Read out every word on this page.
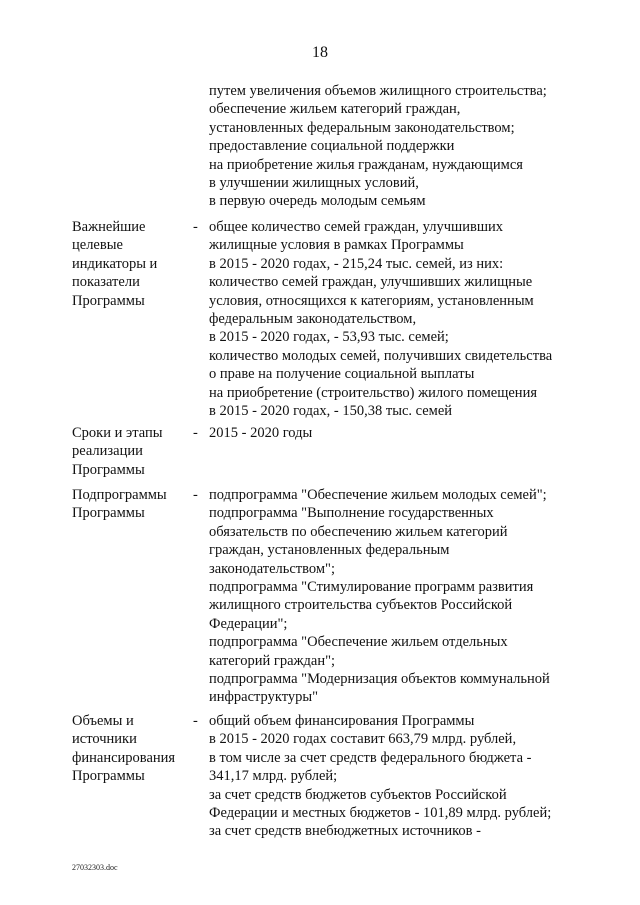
18
путем увеличения объемов жилищного строительства;
обеспечение жильем категорий граждан,
установленных федеральным законодательством;
предоставление социальной поддержки
на приобретение жилья гражданам, нуждающимся
в улучшении жилищных условий,
в первую очередь молодым семьям
Важнейшие
целевые
индикаторы и
показатели
Программы
- общее количество семей граждан, улучшивших
жилищные условия в рамках Программы
в 2015 - 2020 годах, - 215,24 тыс. семей, из них:
количество семей граждан, улучшивших жилищные
условия, относящихся к категориям, установленным
федеральным законодательством,
в 2015 - 2020 годах, - 53,93 тыс. семей;
количество молодых семей, получивших свидетельства
о праве на получение социальной выплаты
на приобретение (строительство) жилого помещения
в 2015 - 2020 годах, - 150,38 тыс. семей
Сроки и этапы
реализации
Программы
- 2015 - 2020 годы
Подпрограммы
Программы
- подпрограмма "Обеспечение жильем молодых семей";
подпрограмма "Выполнение государственных
обязательств по обеспечению жильем категорий
граждан, установленных федеральным
законодательством";
подпрограмма "Стимулирование программ развития
жилищного строительства субъектов Российской
Федерации";
подпрограмма "Обеспечение жильем отдельных
категорий граждан";
подпрограмма "Модернизация объектов коммунальной
инфраструктуры"
Объемы и
источники
финансирования
Программы
- общий объем финансирования Программы
в 2015 - 2020 годах составит 663,79 млрд. рублей,
в том числе за счет средств федерального бюджета -
341,17 млрд. рублей;
за счет средств бюджетов субъектов Российской
Федерации и местных бюджетов - 101,89 млрд. рублей;
за счет средств внебюджетных источников -
27032303.doc
